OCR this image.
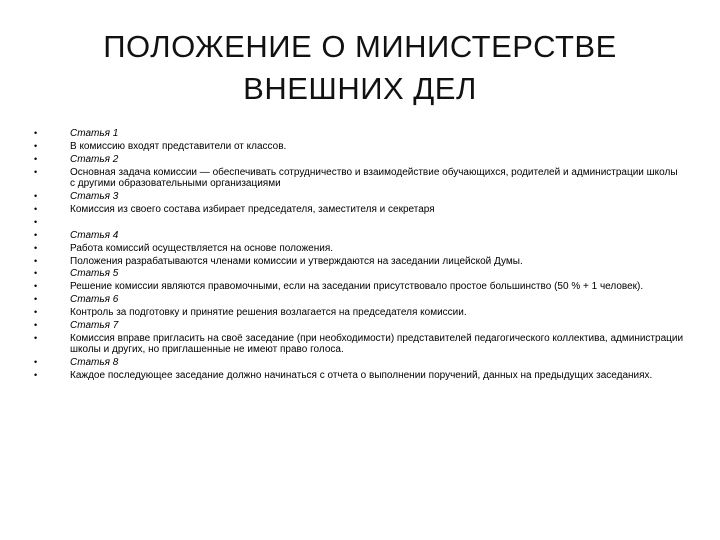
ПОЛОЖЕНИЕ О МИНИСТЕРСТВЕ
ВНЕШНИХ ДЕЛ
•	Статья 1
•	В комиссию входят представители от классов.
•	Статья 2
•	Основная задача комиссии — обеспечивать сотрудничество и взаимодействие обучающихся, родителей и администрации школы с другими образовательными организациями
•	Статья 3
•	Комиссия из своего состава избирает председателя, заместителя и секретаря
•
•	Статья 4
•	Работа комиссий осуществляется на основе положения.
•	Положения разрабатываются членами комиссии и утверждаются на заседании лицейской Думы.
•	Статья 5
•	Решение комиссии являются правомочными, если на заседании присутствовало простое большинство (50 % + 1 человек).
•	Статья 6
•	Контроль за подготовку и принятие решения возлагается на председателя комиссии.
•	Статья 7
•	Комиссия вправе пригласить на своё заседание (при необходимости) представителей педагогического коллектива, администрации школы и других, но приглашенные не имеют право голоса.
•	Статья 8
•	Каждое последующее заседание должно начинаться с отчета о выполнении поручений, данных на предыдущих заседаниях.
